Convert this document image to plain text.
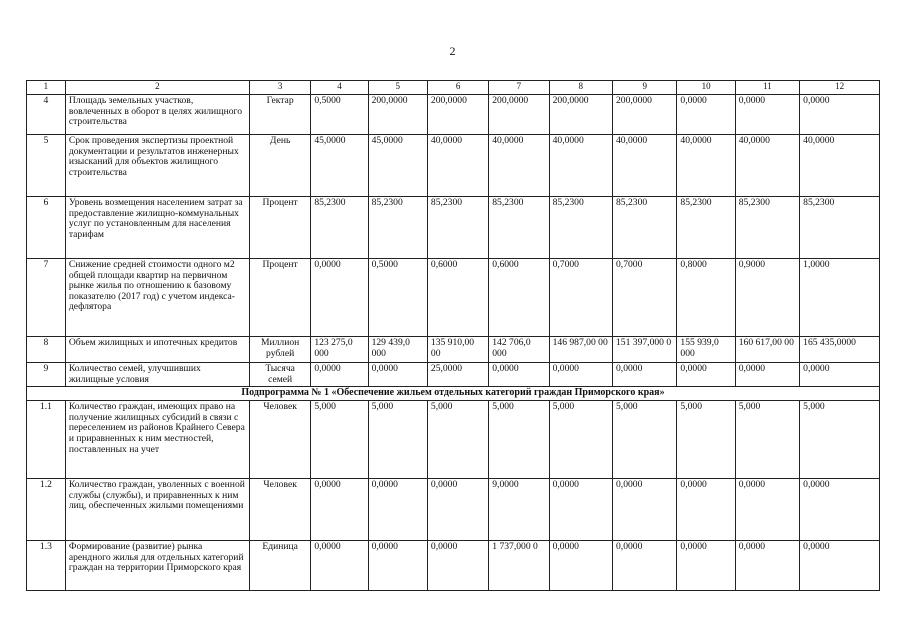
2
1	2	3	4	5	6	7	8	9	10	11	12
4	Площадь земельных участков, вовлеченных в оборот в целях жилищного строительства	Гектар	0,5000	200,0000	200,0000	200,0000	200,0000	200,0000	0,0000	0,0000	0,0000
5	Срок проведения экспертизы проектной документации и результатов инженерных изысканий для объектов жилищного строительства	День	45,0000	45,0000	40,0000	40,0000	40,0000	40,0000	40,0000	40,0000	40,0000
6	Уровень возмещения населением затрат за предоставление жилищно-коммунальных услуг по установленным для населения тарифам	Процент	85,2300	85,2300	85,2300	85,2300	85,2300	85,2300	85,2300	85,2300	85,2300
7	Снижение средней стоимости одного м2 общей площади квартир на первичном рынке жилья по отношению к базовому показателю (2017 год) с учетом индекса-дефлятора	Процент	0,0000	0,5000	0,6000	0,6000	0,7000	0,7000	0,8000	0,9000	1,0000
8	Объем жилищных и ипотечных кредитов	Миллион рублей	123 275,0 000	129 439,0 000	135 910,00 00	142 706,0 000	146 987,00 00	151 397,000 0	155 939,0 000	160 617,00 00	165 435,0000
9	Количество семей, улучшивших жилищные условия	Тысяча семей	0,0000	0,0000	25,0000	0,0000	0,0000	0,0000	0,0000	0,0000	0,0000
Подпрограмма № 1 «Обеспечение жильем отдельных категорий граждан Приморского края»											
1.1	Количество граждан, имеющих право на получение жилищных субсидий в связи с переселением из районов Крайнего Севера и приравненных к ним местностей, поставленных на учет	Человек	5,000	5,000	5,000	5,000	5,000	5,000	5,000	5,000	5,000
1.2	Количество граждан, уволенных с военной службы (службы), и приравненных к ним лиц, обеспеченных жилыми помещениями	Человек	0,0000	0,0000	0,0000	9,0000	0,0000	0,0000	0,0000	0,0000	0,0000
1.3	Формирование (развитие) рынка арендного жилья для отдельных категорий граждан на территории Приморского края	Единица	0,0000	0,0000	0,0000	1 737,000 0	0,0000	0,0000	0,0000	0,0000	0,0000
